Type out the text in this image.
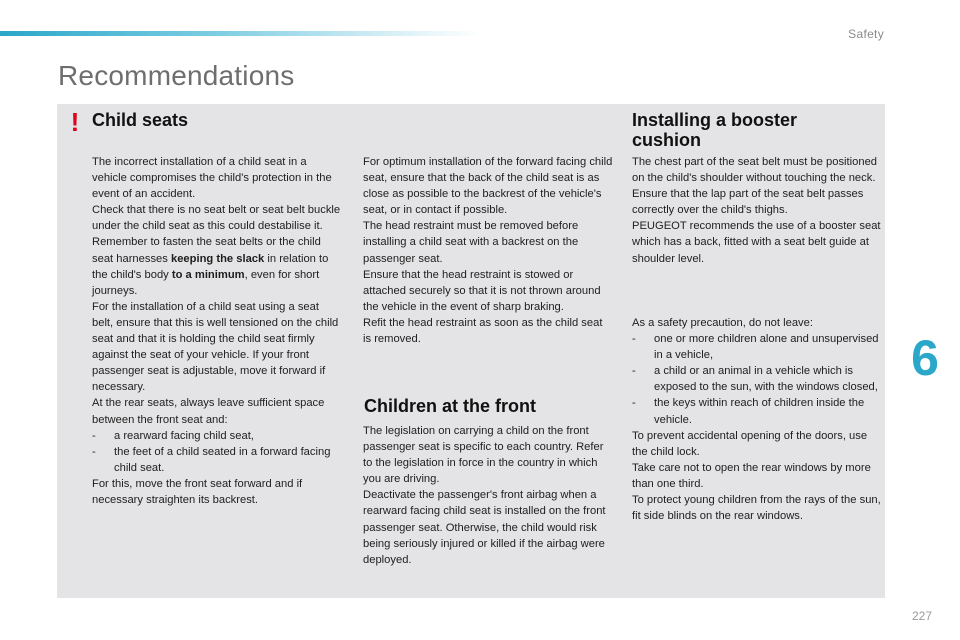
Safety
Recommendations
! Child seats

The incorrect installation of a child seat in a vehicle compromises the child's protection in the event of an accident.

Check that there is no seat belt or seat belt buckle under the child seat as this could destabilise it.

Remember to fasten the seat belts or the child seat harnesses keeping the slack in relation to the child's body to a minimum, even for short journeys.

For the installation of a child seat using a seat belt, ensure that this is well tensioned on the child seat and that it is holding the child seat firmly against the seat of your vehicle. If your front passenger seat is adjustable, move it forward if necessary.

At the rear seats, always leave sufficient space between the front seat and:

- a rearward facing child seat,
- the feet of a child seated in a forward facing child seat.

For this, move the front seat forward and if necessary straighten its backrest.

For optimum installation of the forward facing child seat, ensure that the back of the child seat is as close as possible to the backrest of the vehicle's seat, or in contact if possible.

The head restraint must be removed before installing a child seat with a backrest on the passenger seat.

Ensure that the head restraint is stowed or attached securely so that it is not thrown around the vehicle in the event of sharp braking.

Refit the head restraint as soon as the child seat is removed.

Children at the front

The legislation on carrying a child on the front passenger seat is specific to each country. Refer to the legislation in force in the country in which you are driving.

Deactivate the passenger's front airbag when a rearward facing child seat is installed on the front passenger seat. Otherwise, the child would risk being seriously injured or killed if the airbag were deployed.

Installing a booster cushion

The chest part of the seat belt must be positioned on the child's shoulder without touching the neck.

Ensure that the lap part of the seat belt passes correctly over the child's thighs.

PEUGEOT recommends the use of a booster seat which has a back, fitted with a seat belt guide at shoulder level.

As a safety precaution, do not leave:

- one or more children alone and unsupervised in a vehicle,
- a child or an animal in a vehicle which is exposed to the sun, with the windows closed,
- the keys within reach of children inside the vehicle.

To prevent accidental opening of the doors, use the child lock.

Take care not to open the rear windows by more than one third.

To protect young children from the rays of the sun, fit side blinds on the rear windows.

6
227
